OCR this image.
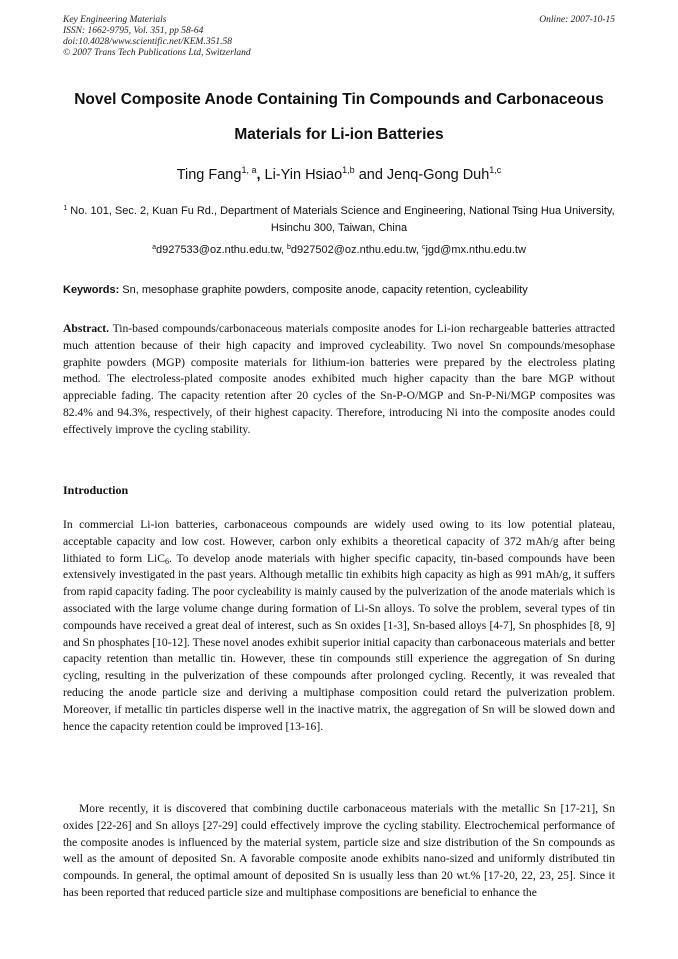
Key Engineering Materials
ISSN: 1662-9795, Vol. 351, pp 58-64
doi:10.4028/www.scientific.net/KEM.351.58
© 2007 Trans Tech Publications Ltd, Switzerland
Online: 2007-10-15
Novel Composite Anode Containing Tin Compounds and Carbonaceous
Materials for Li-ion Batteries
Ting Fang$^{1, a}$, Li-Yin Hsiao$^{1,b}$ and Jenq-Gong Duh$^{1,c}$
$^1$ No. 101, Sec. 2, Kuan Fu Rd., Department of Materials Science and Engineering, National Tsing Hua University, Hsinchu 300, Taiwan, China
$^a$d927533@oz.nthu.edu.tw, $^b$d927502@oz.nthu.edu.tw, $^c$jgd@mx.nthu.edu.tw
Keywords: Sn, mesophase graphite powders, composite anode, capacity retention, cycleability
Abstract. Tin-based compounds/carbonaceous materials composite anodes for Li-ion rechargeable batteries attracted much attention because of their high capacity and improved cycleability. Two novel Sn compounds/mesophase graphite powders (MGP) composite materials for lithium-ion batteries were prepared by the electroless plating method. The electroless-plated composite anodes exhibited much higher capacity than the bare MGP without appreciable fading. The capacity retention after 20 cycles of the Sn-P-O/MGP and Sn-P-Ni/MGP composites was 82.4% and 94.3%, respectively, of their highest capacity. Therefore, introducing Ni into the composite anodes could effectively improve the cycling stability.
Introduction
In commercial Li-ion batteries, carbonaceous compounds are widely used owing to its low potential plateau, acceptable capacity and low cost. However, carbon only exhibits a theoretical capacity of 372 mAh/g after being lithiated to form LiC$_6$. To develop anode materials with higher specific capacity, tin-based compounds have been extensively investigated in the past years. Although metallic tin exhibits high capacity as high as 991 mAh/g, it suffers from rapid capacity fading. The poor cycleability is mainly caused by the pulverization of the anode materials which is associated with the large volume change during formation of Li-Sn alloys. To solve the problem, several types of tin compounds have received a great deal of interest, such as Sn oxides [1-3], Sn-based alloys [4-7], Sn phosphides [8, 9] and Sn phosphates [10-12]. These novel anodes exhibit superior initial capacity than carbonaceous materials and better capacity retention than metallic tin. However, these tin compounds still experience the aggregation of Sn during cycling, resulting in the pulverization of these compounds after prolonged cycling. Recently, it was revealed that reducing the anode particle size and deriving a multiphase composition could retard the pulverization problem. Moreover, if metallic tin particles disperse well in the inactive matrix, the aggregation of Sn will be slowed down and hence the capacity retention could be improved [13-16].
More recently, it is discovered that combining ductile carbonaceous materials with the metallic Sn [17-21], Sn oxides [22-26] and Sn alloys [27-29] could effectively improve the cycling stability. Electrochemical performance of the composite anodes is influenced by the material system, particle size and size distribution of the Sn compounds as well as the amount of deposited Sn. A favorable composite anode exhibits nano-sized and uniformly distributed tin compounds. In general, the optimal amount of deposited Sn is usually less than 20 wt.% [17-20, 22, 23, 25]. Since it has been reported that reduced particle size and multiphase compositions are beneficial to enhance the
